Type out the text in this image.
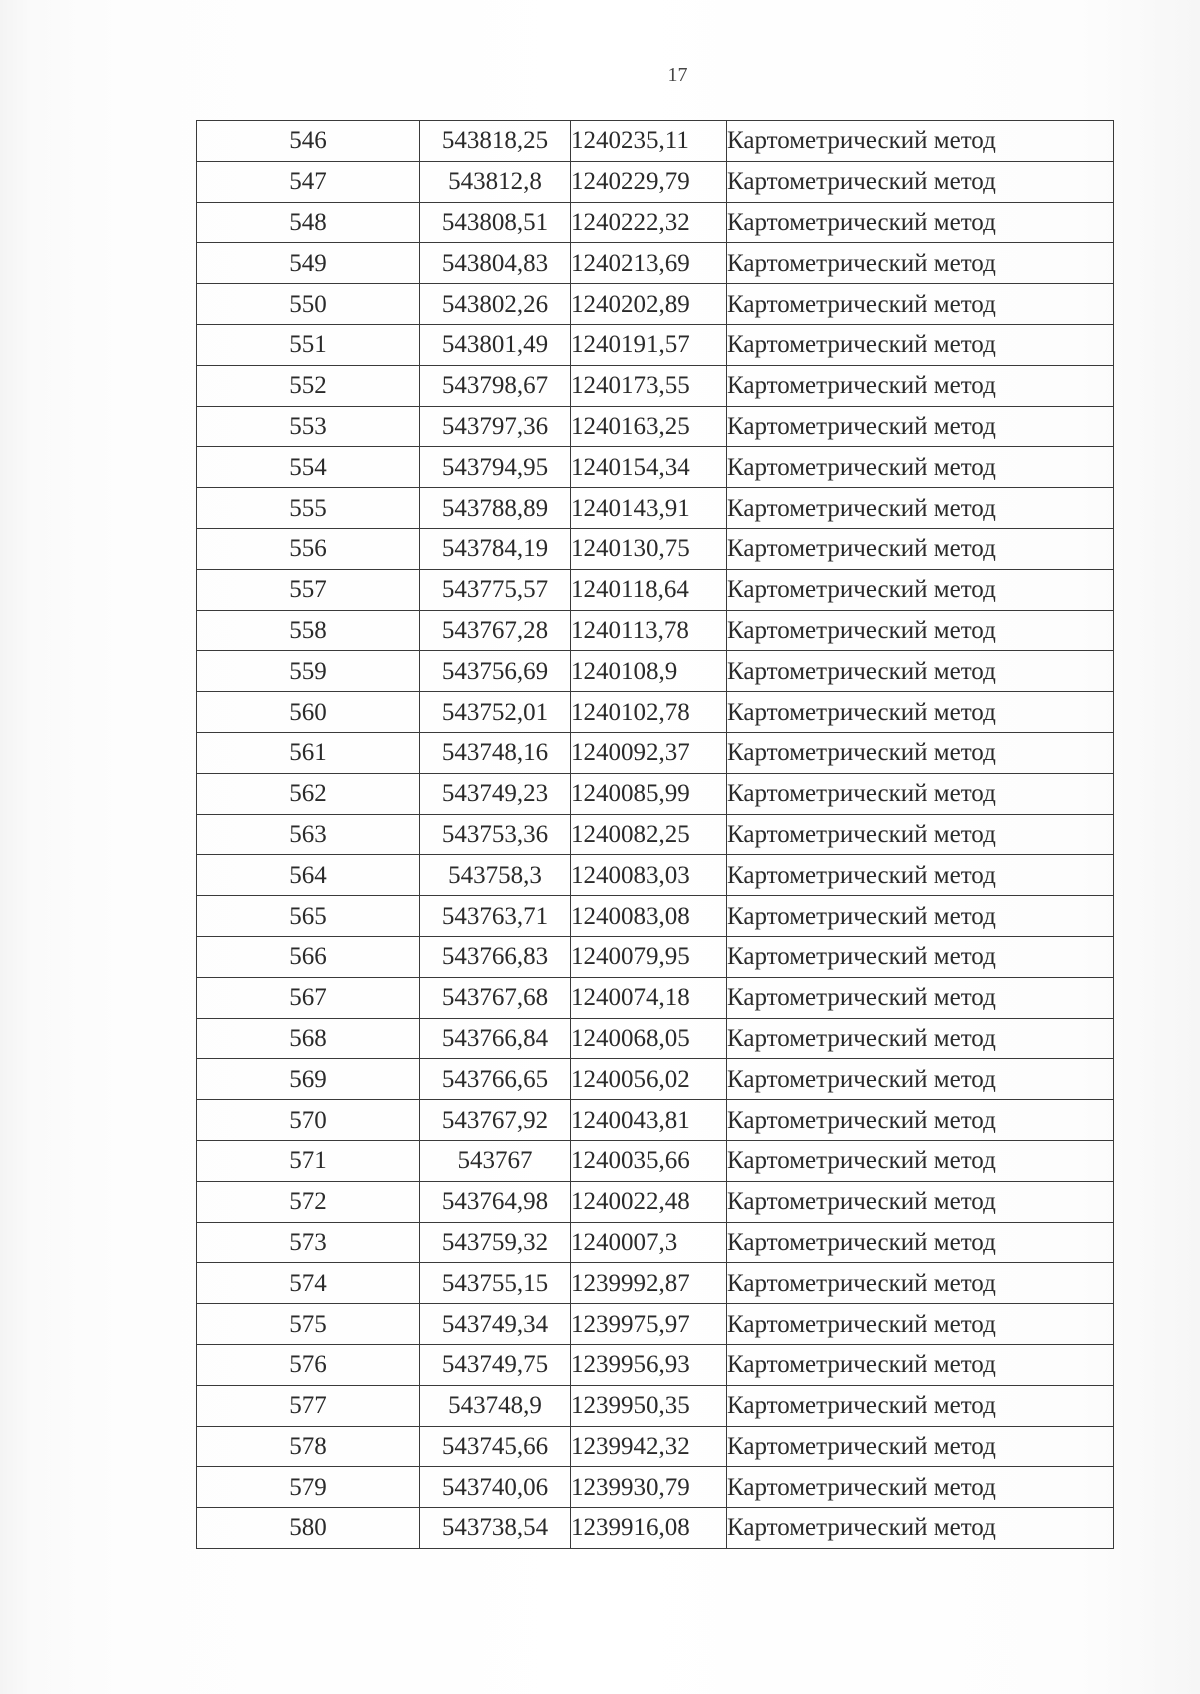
17
546	543818,25	1240235,11	Картометрический метод
547	543812,8	1240229,79	Картометрический метод
548	543808,51	1240222,32	Картометрический метод
549	543804,83	1240213,69	Картометрический метод
550	543802,26	1240202,89	Картометрический метод
551	543801,49	1240191,57	Картометрический метод
552	543798,67	1240173,55	Картометрический метод
553	543797,36	1240163,25	Картометрический метод
554	543794,95	1240154,34	Картометрический метод
555	543788,89	1240143,91	Картометрический метод
556	543784,19	1240130,75	Картометрический метод
557	543775,57	1240118,64	Картометрический метод
558	543767,28	1240113,78	Картометрический метод
559	543756,69	1240108,9	Картометрический метод
560	543752,01	1240102,78	Картометрический метод
561	543748,16	1240092,37	Картометрический метод
562	543749,23	1240085,99	Картометрический метод
563	543753,36	1240082,25	Картометрический метод
564	543758,3	1240083,03	Картометрический метод
565	543763,71	1240083,08	Картометрический метод
566	543766,83	1240079,95	Картометрический метод
567	543767,68	1240074,18	Картометрический метод
568	543766,84	1240068,05	Картометрический метод
569	543766,65	1240056,02	Картометрический метод
570	543767,92	1240043,81	Картометрический метод
571	543767	1240035,66	Картометрический метод
572	543764,98	1240022,48	Картометрический метод
573	543759,32	1240007,3	Картометрический метод
574	543755,15	1239992,87	Картометрический метод
575	543749,34	1239975,97	Картометрический метод
576	543749,75	1239956,93	Картометрический метод
577	543748,9	1239950,35	Картометрический метод
578	543745,66	1239942,32	Картометрический метод
579	543740,06	1239930,79	Картометрический метод
580	543738,54	1239916,08	Картометрический метод
